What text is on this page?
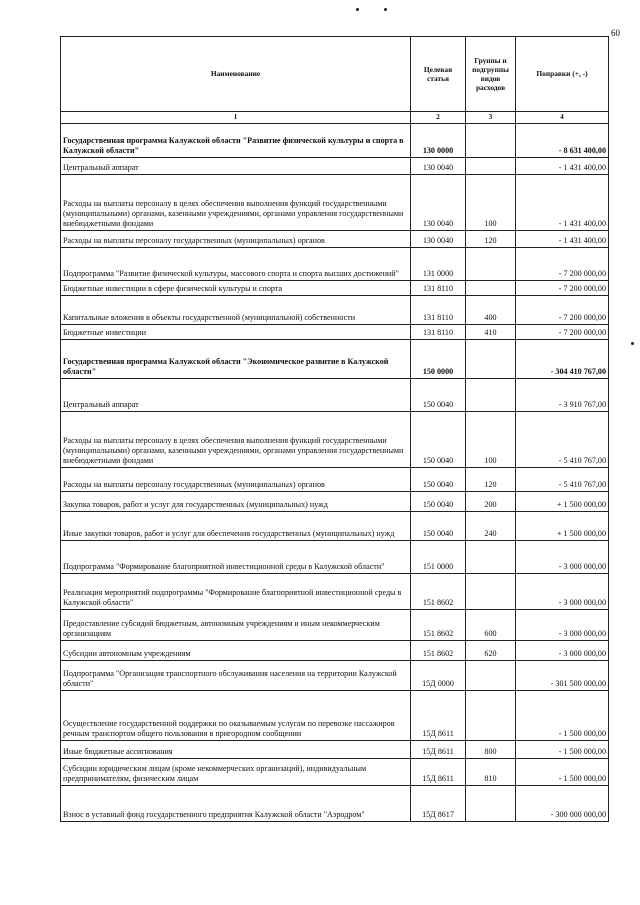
60
Наименование	Целевая статья	Группы и подгруппы видов расходов	Поправки (+, -)
1	2	3	4
Государственная программа Калужской области "Развитие физической культуры и спорта в Калужской области"	130 0000		- 8 631 400,00
Центральный аппарат	130 0040		- 1 431 400,00
Расходы на выплаты персоналу в целях обеспечения выполнения функций государственными (муниципальными) органами, казенными учреждениями, органами управления государственными внебюджетными фондами	130 0040	100	- 1 431 400,00
Расходы на выплаты персоналу государственных (муниципальных) органов	130 0040	120	- 1 431 400,00
Подпрограмма "Развитие физической культуры, массового спорта и спорта высших достижений"	131 0000		- 7 200 000,00
Бюджетные инвестиции в сфере физической культуры и спорта	131 8110		- 7 200 000,00
Капитальные вложения в объекты государственной (муниципальной) собственности	131 8110	400	- 7 200 000,00
Бюджетные инвестиции	131 8110	410	- 7 200 000,00
Государственная программа Калужской области "Экономическое развитие в Калужской области"	150 0000		- 304 410 767,00
Центральный аппарат	150 0040		- 3 910 767,00
Расходы на выплаты персоналу в целях обеспечения выполнения функций государственными (муниципальными) органами, казенными учреждениями, органами управления государственными внебюджетными фондами	150 0040	100	- 5 410 767,00
Расходы на выплаты персоналу государственных (муниципальных) органов	150 0040	120	- 5 410 767,00
Закупка товаров, работ и услуг для государственных (муниципальных) нужд	150 0040	200	+ 1 500 000,00
Иные закупки товаров, работ и услуг для обеспечения государственных (муниципальных) нужд	150 0040	240	+ 1 500 000,00
Подпрограмма "Формирование благоприятной инвестиционной среды в Калужской области"	151 0000		- 3 000 000,00
Реализация мероприятий подпрограммы "Формирование благоприятной инвестиционной среды в Калужской области"	151 8602		- 3 000 000,00
Предоставление субсидий бюджетным, автономным учреждениям и иным некоммерческим организациям	151 8602	600	- 3 000 000,00
Субсидии автономным учреждениям	151 8602	620	- 3 000 000,00
Подпрограмма "Организация транспортного обслуживания населения на территории Калужской области"	15Д 0000		- 301 500 000,00
Осуществление государственной поддержки по оказываемым услугам по перевозке пассажиров речным транспортом общего пользования в пригородном сообщении	15Д 8611		- 1 500 000,00
Иные бюджетные ассигнования	15Д 8611	800	- 1 500 000,00
Субсидии юридическим лицам (кроме некоммерческих организаций), индивидуальным предпринимателям, физическим лицам	15Д 8611	810	- 1 500 000,00
Взнос в уставный фонд государственного предприятия Калужской области "Аэродром"	15Д 8617		- 300 000 000,00
